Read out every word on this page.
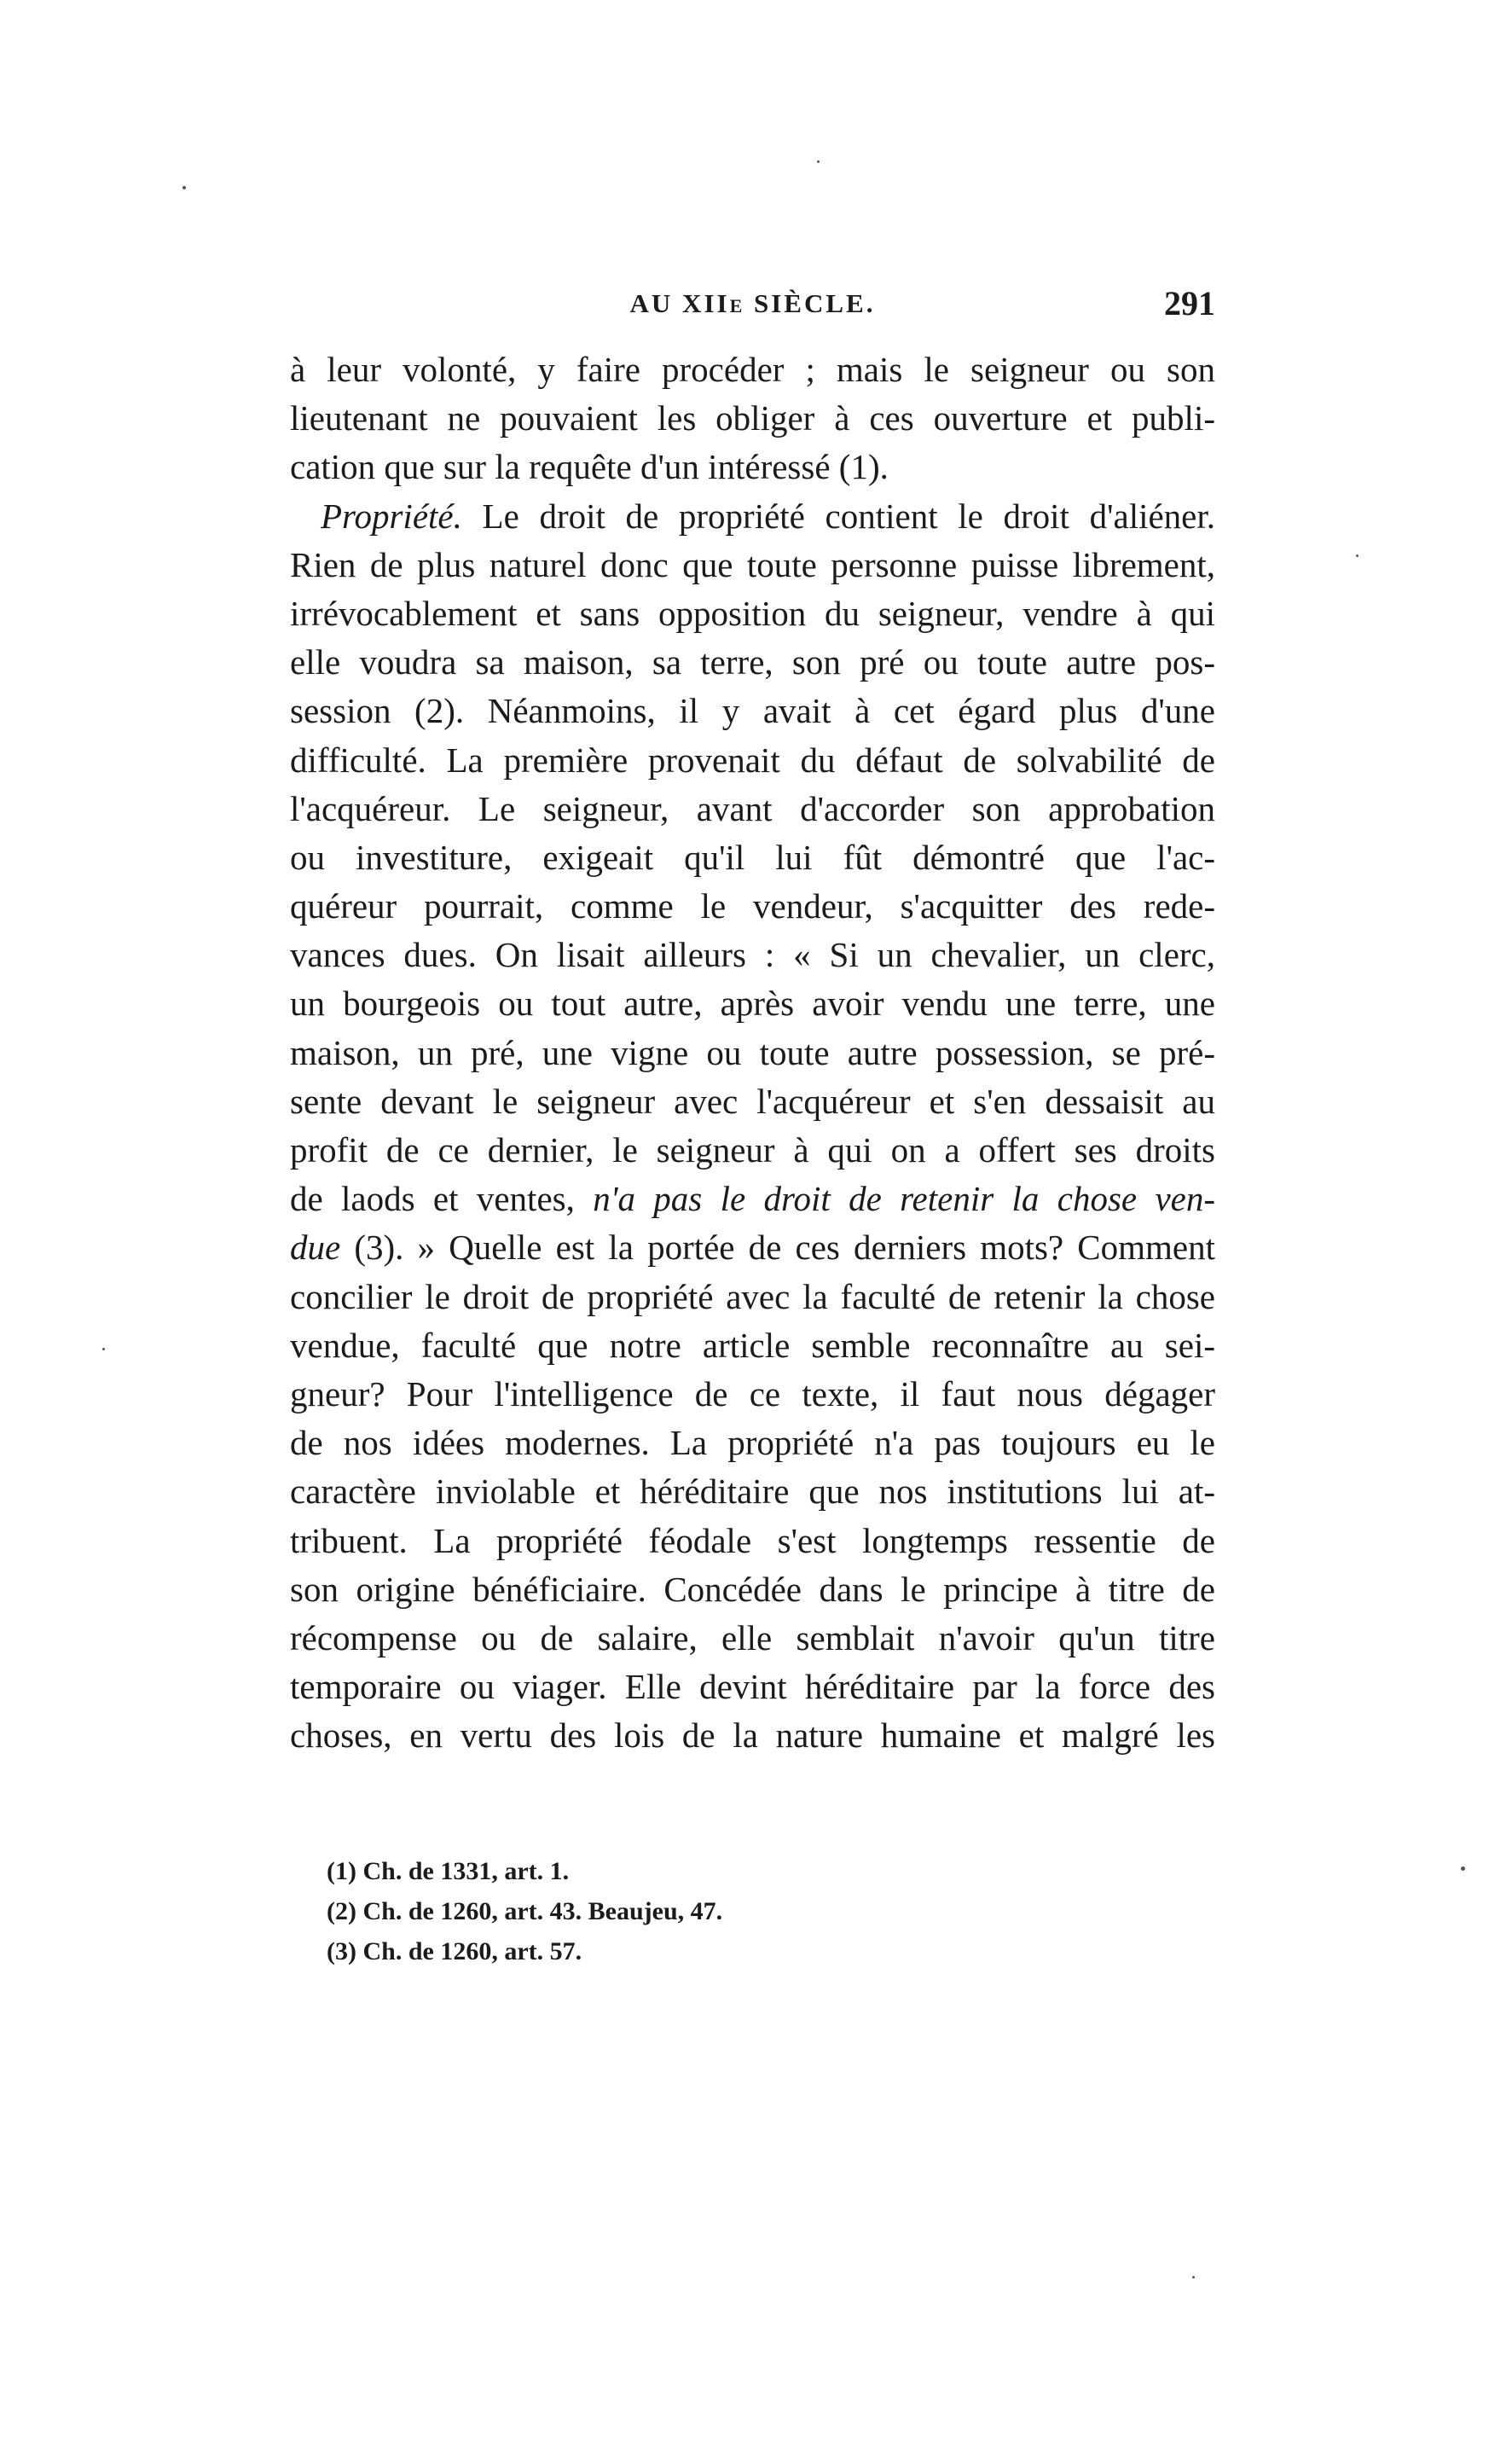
AU XIIe SIÈCLE.	291
à leur volonté, y faire procéder ; mais le seigneur ou son
lieutenant ne pouvaient les obliger à ces ouverture et publi-
cation que sur la requête d'un intéressé (1).
Propriété. Le droit de propriété contient le droit d'aliéner.
Rien de plus naturel donc que toute personne puisse librement,
irrévocablement et sans opposition du seigneur, vendre à qui
elle voudra sa maison, sa terre, son pré ou toute autre pos-
session (2). Néanmoins, il y avait à cet égard plus d'une
difficulté. La première provenait du défaut de solvabilité de
l'acquéreur. Le seigneur, avant d'accorder son approbation
ou investiture, exigeait qu'il lui fût démontré que l'ac-
quéreur pourrait, comme le vendeur, s'acquitter des rede-
vances dues. On lisait ailleurs : « Si un chevalier, un clerc,
un bourgeois ou tout autre, après avoir vendu une terre, une
maison, un pré, une vigne ou toute autre possession, se pré-
sente devant le seigneur avec l'acquéreur et s'en dessaisit au
profit de ce dernier, le seigneur à qui on a offert ses droits
de laods et ventes, n'a pas le droit de retenir la chose ven-
due (3). » Quelle est la portée de ces derniers mots? Comment
concilier le droit de propriété avec la faculté de retenir la chose
vendue, faculté que notre article semble reconnaître au sei-
gneur? Pour l'intelligence de ce texte, il faut nous dégager
de nos idées modernes. La propriété n'a pas toujours eu le
caractère inviolable et héréditaire que nos institutions lui at-
tribuent. La propriété féodale s'est longtemps ressentie de
son origine bénéficiaire. Concédée dans le principe à titre de
récompense ou de salaire, elle semblait n'avoir qu'un titre
temporaire ou viager. Elle devint héréditaire par la force des
choses, en vertu des lois de la nature humaine et malgré les
(1) Ch. de 1331, art. 1.
(2) Ch. de 1260, art. 43. Beaujeu, 47.
(3) Ch. de 1260, art. 57.
